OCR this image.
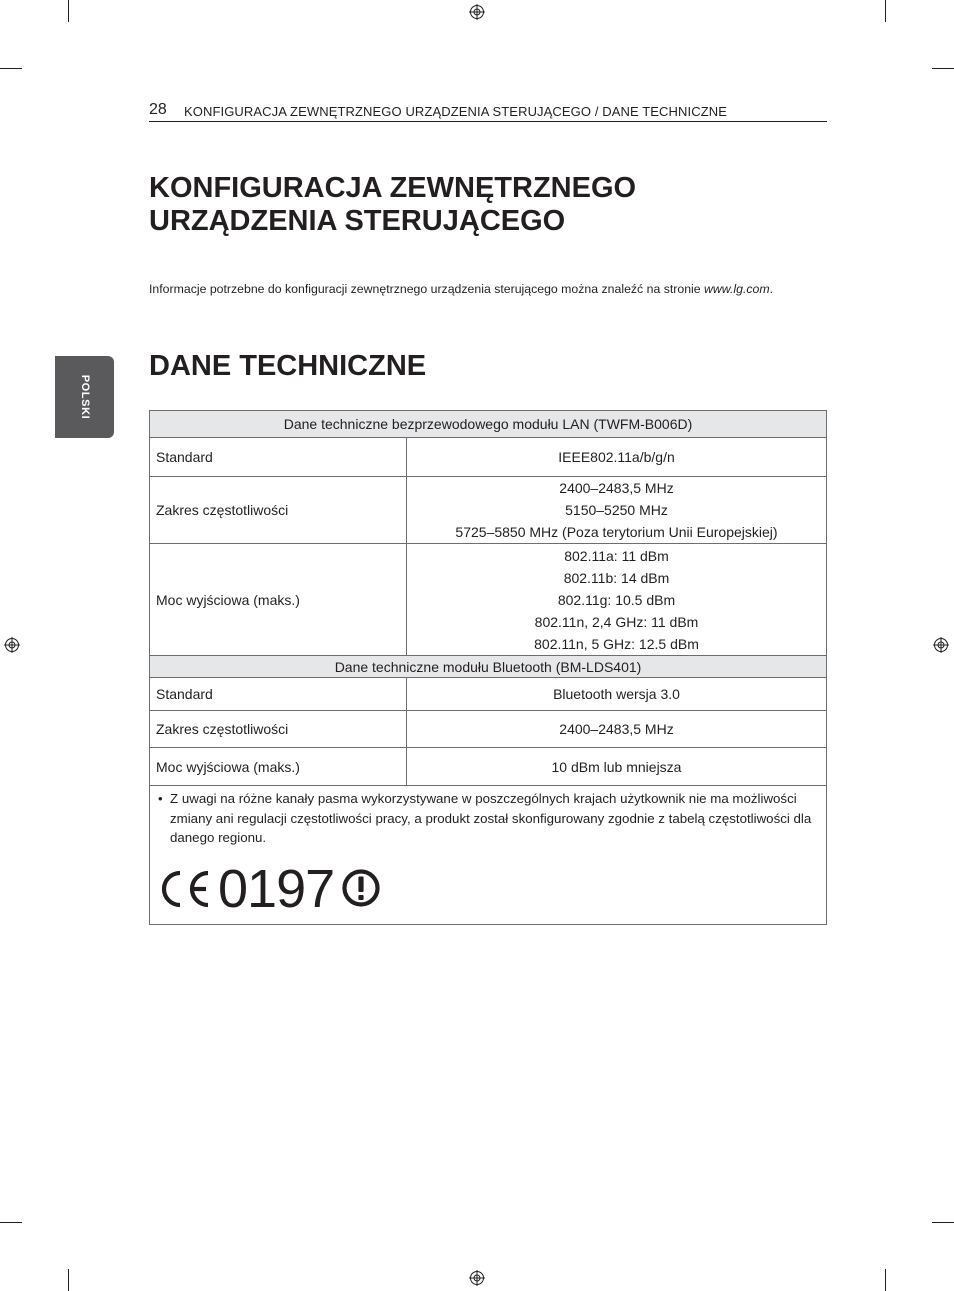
28 KONFIGURACJA ZEWNĘTRZNEGO URZĄDZENIA STERUJĄCEGO / DANE TECHNICZNE
POLSKI
KONFIGURACJA ZEWNĘTRZNEGO
URZĄDZENIA STERUJĄCEGO
Informacje potrzebne do konfiguracji zewnętrznego urządzenia sterującego można znaleźć na stronie www.lg.com.
DANE TECHNICZNE
Dane techniczne bezprzewodowego modułu LAN (TWFM-B006D)	
Standard	IEEE802.11a/b/g/n

Zakres częstotliwości	2400–2483,5 MHz
5150–5250 MHz
5725–5850 MHz (Poza terytorium Unii Europejskiej)

Moc wyjściowa (maks.)	802.11a: 11 dBm
802.11b: 14 dBm
802.11g: 10.5 dBm
802.11n, 2,4 GHz: 11 dBm
802.11n, 5 GHz: 12.5 dBm

Dane techniczne modułu Bluetooth (BM-LDS401)	
Standard	Bluetooth wersja 3.0

Zakres częstotliwości	2400–2483,5 MHz

Moc wyjściowa (maks.)	10 dBm lub mniejsza

• Z uwagi na różne kanały pasma wykorzystywane w poszczególnych krajach użytkownik nie ma możliwości zmiany ani regulacji częstotliwości pracy, a produkt został skonfigurowany zgodnie z tabelą częstotliwości dla danego regionu.
0197
